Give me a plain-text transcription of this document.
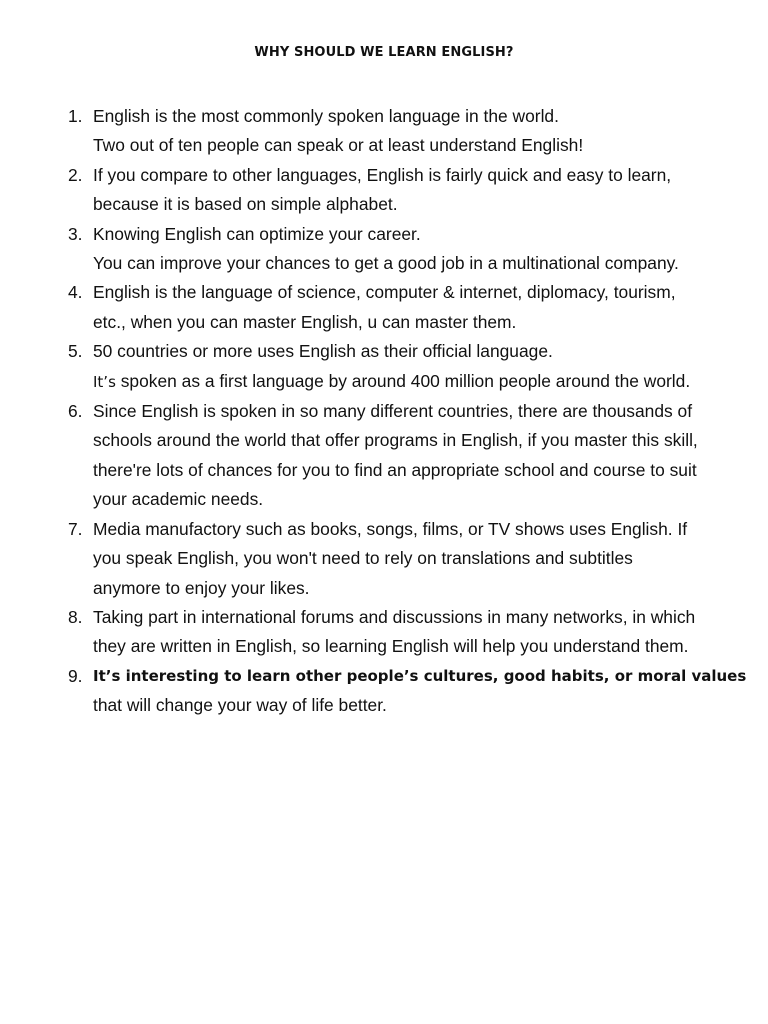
WHY SHOULD WE LEARN ENGLISH?
1. English is the most commonly spoken language in the world.
Two out of ten people can speak or at least understand English!
2. If you compare to other languages, English is fairly quick and easy to learn,
because it is based on simple alphabet.
3. Knowing English can optimize your career.
You can improve your chances to get a good job in a multinational company.
4. English is the language of science, computer & internet, diplomacy, tourism,
etc., when you can master English, u can master them.
5. 50 countries or more uses English as their official language.
It’s spoken as a first language by around 400 million people around the world.
6. Since English is spoken in so many different countries, there are thousands of
schools around the world that offer programs in English, if you master this skill,
there're lots of chances for you to find an appropriate school and course to suit
your academic needs.
7. Media manufactory such as books, songs, films, or TV shows uses English. If
you speak English, you won't need to rely on translations and subtitles
anymore to enjoy your likes.
8. Taking part in international forums and discussions in many networks, in which
they are written in English, so learning English will help you understand them.
9. It’s interesting to learn other people’s cultures, good habits, or moral values
that will change your way of life better.
